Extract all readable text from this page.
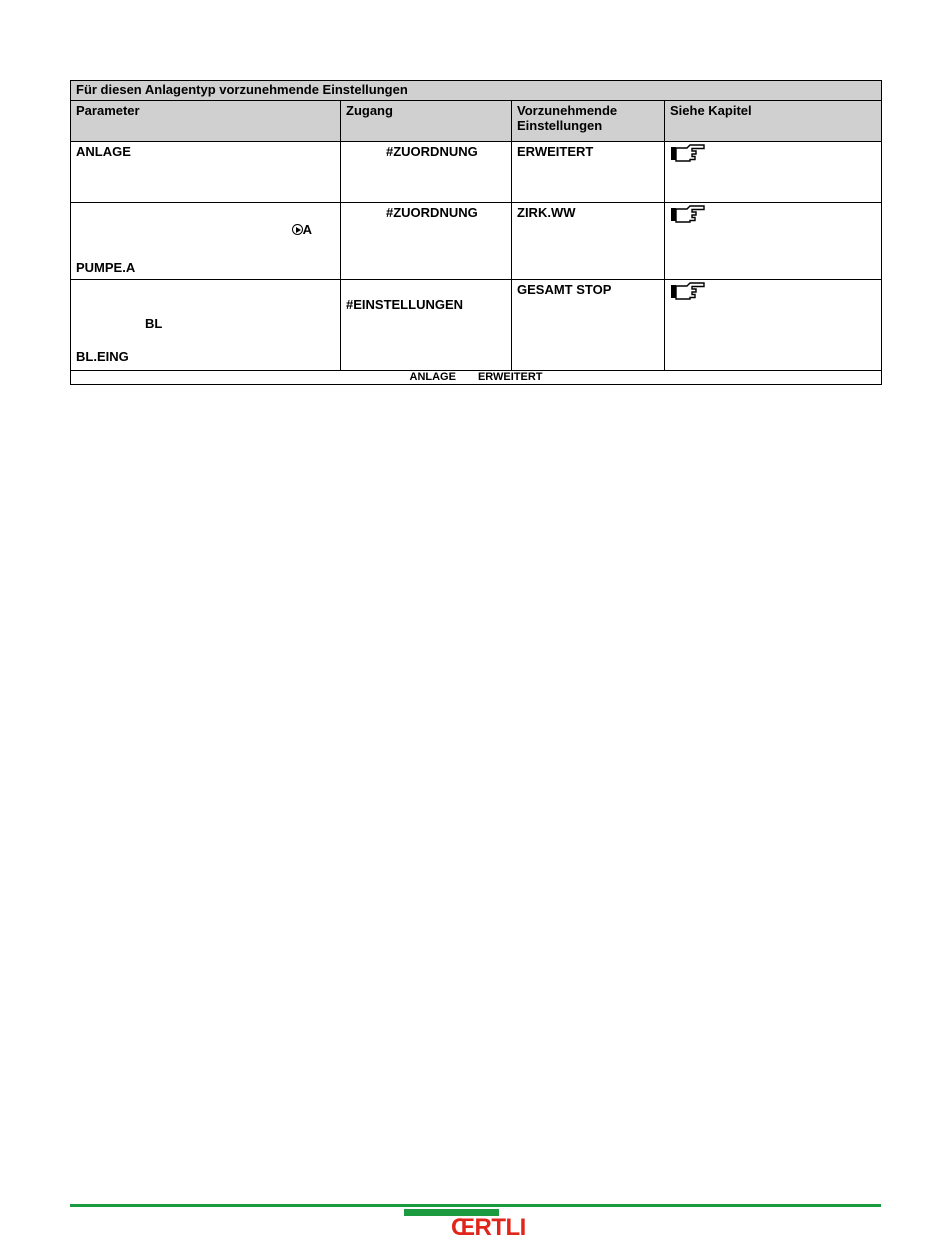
Für diesen Anlagentyp vorzunehmende Einstellungen			
Parameter	Zugang	Vorzunehmende Einstellungen	Siehe Kapitel
ANLAGE	#ZUORDNUNG	ERWEITERT	

A
PUMPE.A	#ZUORDNUNG	ZIRK.WW	

BL
BL.EING	#EINSTELLUNGEN	GESAMT STOP	
ANLAGE ERWEITERT			
ŒRTLI
